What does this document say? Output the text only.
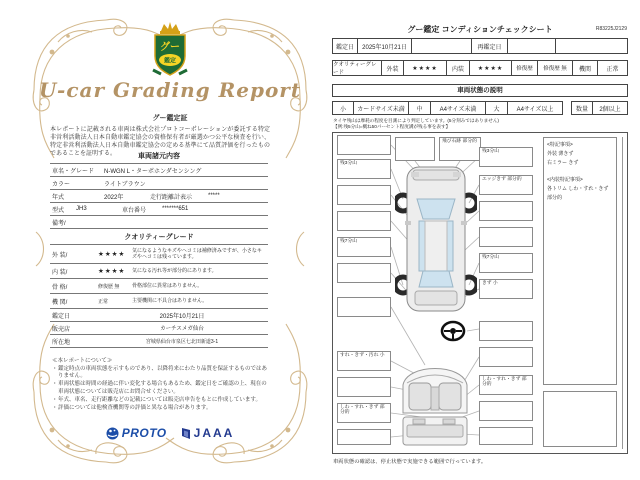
グー
鑑定
U-car Grading Report
グー鑑定証
本レポートに記載される車両は株式会社プロトコーポレーションが委託する特定非営利活動法人日本自動車鑑定協会の資格保有者が厳選かつ公平な検査を行い、特定非営利活動法人日本自動車鑑定協会の定める基準にて品質評価を行ったものであることを証明する。	車両諸元内容
車名・グレード	N-WGN L・ターボホンダセンシング
カラー	ライトブラウン
年式	2022年	走行距離計表示	*****
型式	JH3	車台番号	*******651
備考/
クオリティーグレード
外 装/	★★★★
気になるようなキズやヘコミは補修済みですが、小さなキズやヘコミは残っています。
内 装/	★★★★	気になる汚れ等が部分的にあります。
骨 格/	修復歴 無	骨格部位に異常はありません。
機 関/	正常	主要機関に不具合はありません。
鑑定日	2025年10月21日
販売店	カーチスメガ仙台
所在地	宮城県仙台市泉区七北田新道3-1
≪本レポートについて≫
・ 鑑定時点の車両状態を示すものであり、以降将来にわたり品質を保証するものではありません。
・ 車両状態は時間の経過に伴い変化する場合もあるため、鑑定日をご確認の上、現在の車両状態については販売店にお問合せください。
・ 年式、車名、走行距離などの記載については販売店申告をもとに作成しています。
・ 評価については他検査機関等の評価と異なる場合があります。
PROTO JAAA
グー鑑定 コンディションチェックシート	R83225J2129
鑑定日	2025年10月21日	再鑑定日
クオリティーグレード
外装	★★★★	内装	★★★★	修復歴	修復歴 無	機関	正常
車両状態の説明
小	カードサイズ未満	中	A4サイズ未満	大	A4サイズ以上	数量	2個以上
タイヤ残山は摩耗の程度を目測により判定しています。(5分刻みではありません)
【例:残5分山=概ね50パーセント程度溝が残る事を表す】
飛び石跡 部分的
残3分山
残7分山
残3分山
エッジきず 部分的
残7分山
きず 小
すれ・きず・汚れ 小
しわ・すれ・きず 部分的
しわ・すれ・きず 部分的
<特記事項>
外装 薄きず
右ミラー きず
<内装特記事項>
各トリム しわ・すれ・きず 部分的
車両状態の確認は、停止状態で実施できる範囲で行っています。
